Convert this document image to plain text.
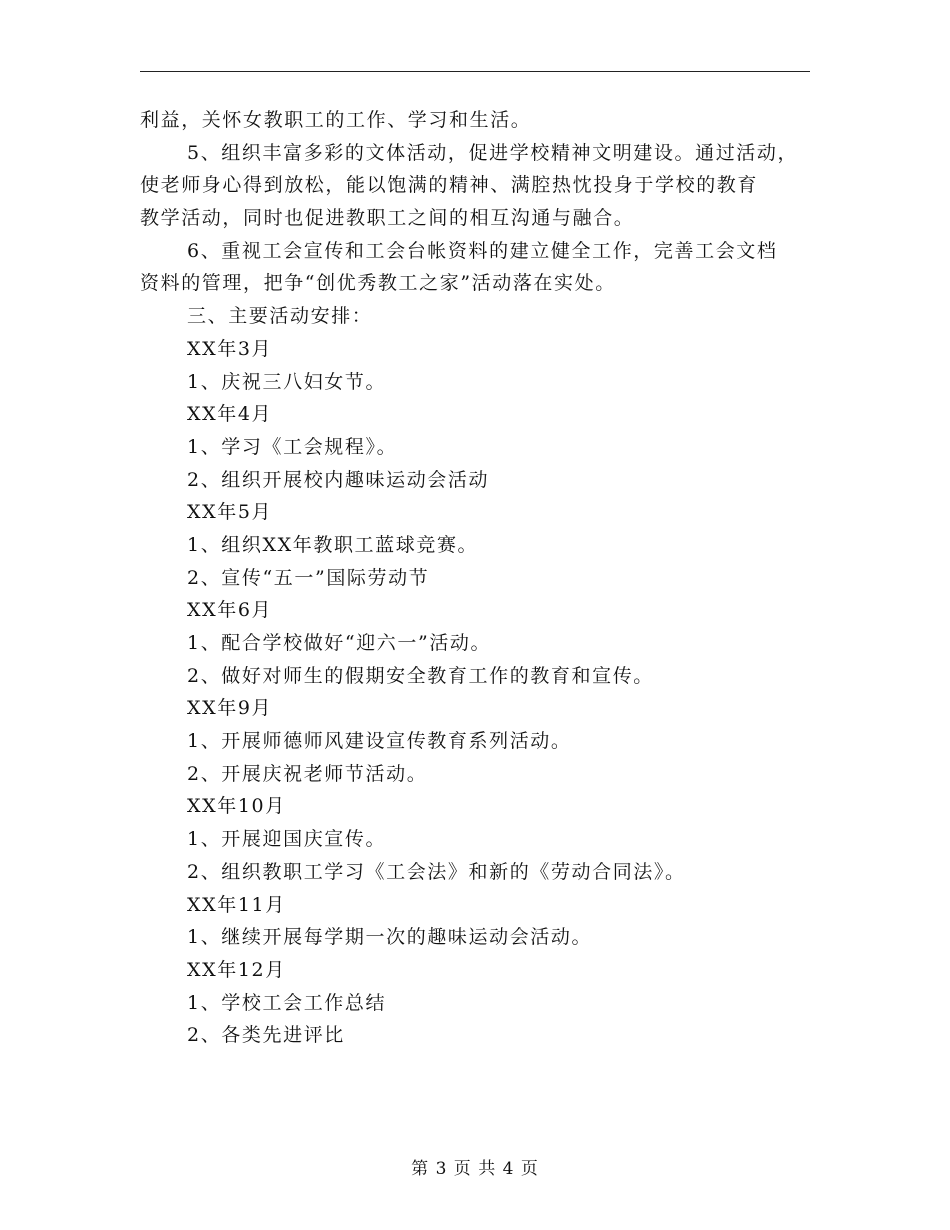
利益，关怀女教职工的工作、学习和生活。
5、组织丰富多彩的文体活动，促进学校精神文明建设。通过活动，
使老师身心得到放松，能以饱满的精神、满腔热忱投身于学校的教育
教学活动，同时也促进教职工之间的相互沟通与融合。
6、重视工会宣传和工会台帐资料的建立健全工作，完善工会文档
资料的管理，把争“创优秀教工之家”活动落在实处。
三、主要活动安排：
XX年3月
1、庆祝三八妇女节。
XX年4月
1、学习《工会规程》。
2、组织开展校内趣味运动会活动
XX年5月
1、组织XX年教职工蓝球竞赛。
2、宣传“五一”国际劳动节
XX年6月
1、配合学校做好“迎六一”活动。
2、做好对师生的假期安全教育工作的教育和宣传。
XX年9月
1、开展师德师风建设宣传教育系列活动。
2、开展庆祝老师节活动。
XX年10月
1、开展迎国庆宣传。
2、组织教职工学习《工会法》和新的《劳动合同法》。
XX年11月
1、继续开展每学期一次的趣味运动会活动。
XX年12月
1、学校工会工作总结
2、各类先进评比
第 3 页 共 4 页
